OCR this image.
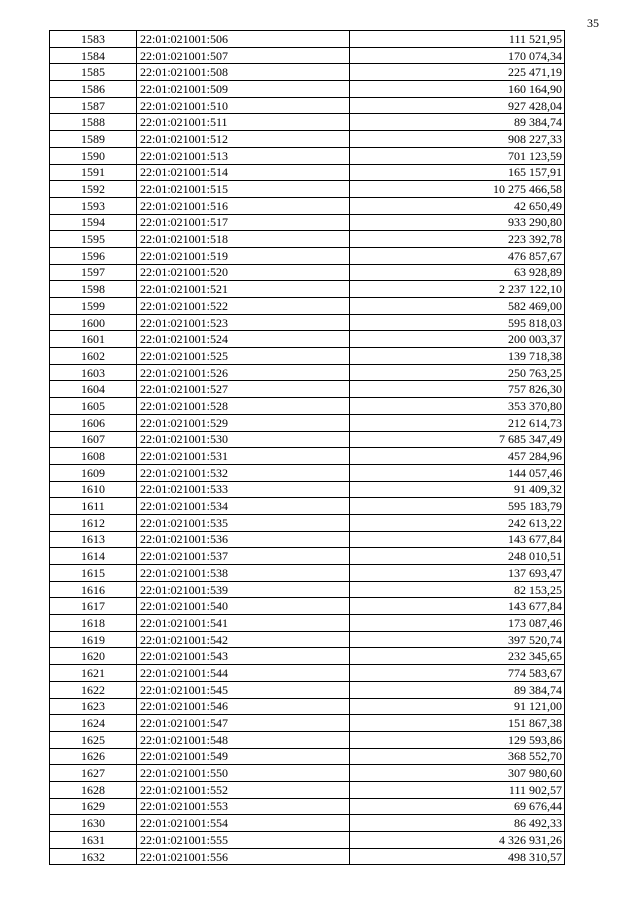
35
1583	22:01:021001:506	111 521,95
1584	22:01:021001:507	170 074,34
1585	22:01:021001:508	225 471,19
1586	22:01:021001:509	160 164,90
1587	22:01:021001:510	927 428,04
1588	22:01:021001:511	89 384,74
1589	22:01:021001:512	908 227,33
1590	22:01:021001:513	701 123,59
1591	22:01:021001:514	165 157,91
1592	22:01:021001:515	10 275 466,58
1593	22:01:021001:516	42 650,49
1594	22:01:021001:517	933 290,80
1595	22:01:021001:518	223 392,78
1596	22:01:021001:519	476 857,67
1597	22:01:021001:520	63 928,89
1598	22:01:021001:521	2 237 122,10
1599	22:01:021001:522	582 469,00
1600	22:01:021001:523	595 818,03
1601	22:01:021001:524	200 003,37
1602	22:01:021001:525	139 718,38
1603	22:01:021001:526	250 763,25
1604	22:01:021001:527	757 826,30
1605	22:01:021001:528	353 370,80
1606	22:01:021001:529	212 614,73
1607	22:01:021001:530	7 685 347,49
1608	22:01:021001:531	457 284,96
1609	22:01:021001:532	144 057,46
1610	22:01:021001:533	91 409,32
1611	22:01:021001:534	595 183,79
1612	22:01:021001:535	242 613,22
1613	22:01:021001:536	143 677,84
1614	22:01:021001:537	248 010,51
1615	22:01:021001:538	137 693,47
1616	22:01:021001:539	82 153,25
1617	22:01:021001:540	143 677,84
1618	22:01:021001:541	173 087,46
1619	22:01:021001:542	397 520,74
1620	22:01:021001:543	232 345,65
1621	22:01:021001:544	774 583,67
1622	22:01:021001:545	89 384,74
1623	22:01:021001:546	91 121,00
1624	22:01:021001:547	151 867,38
1625	22:01:021001:548	129 593,86
1626	22:01:021001:549	368 552,70
1627	22:01:021001:550	307 980,60
1628	22:01:021001:552	111 902,57
1629	22:01:021001:553	69 676,44
1630	22:01:021001:554	86 492,33
1631	22:01:021001:555	4 326 931,26
1632	22:01:021001:556	498 310,57
